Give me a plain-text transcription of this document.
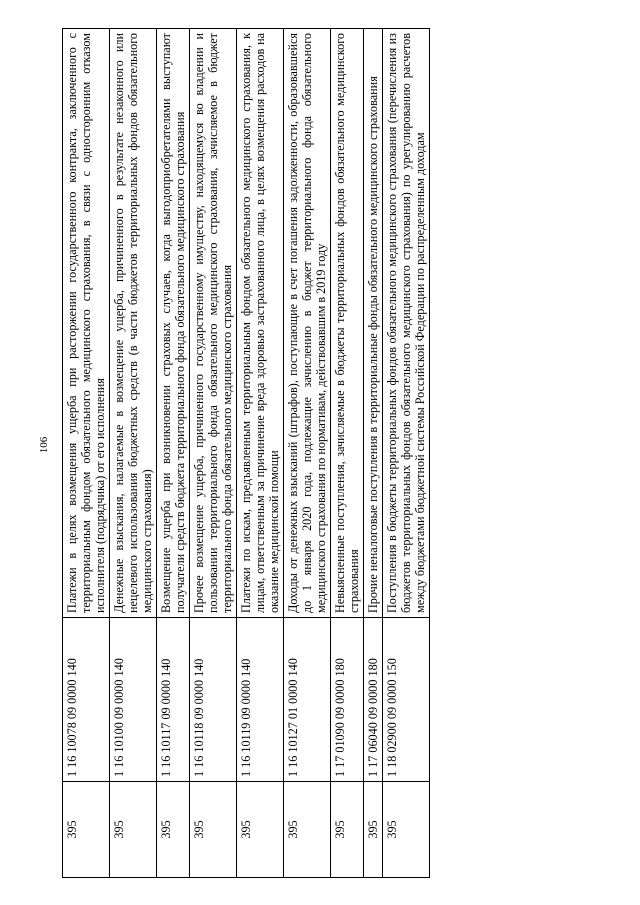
106
395	1 16 10078 09 0000 140	Платежи в целях возмещения ущерба при расторжении государственного контракта, заключенного с территориальным фондом обязательного медицинского страхования, в связи с односторонним отказом исполнителя (подрядчика) от его исполнения
395	1 16 10100 09 0000 140	Денежные взыскания, налагаемые в возмещение ущерба, причиненного в результате незаконного или нецелевого использования бюджетных средств (в части бюджетов территориальных фондов обязательного медицинского страхования)
395	1 16 10117 09 0000 140	Возмещение ущерба при возникновении страховых случаев, когда выгодоприобретателями выступают получатели средств бюджета территориального фонда обязательного медицинского страхования
395	1 16 10118 09 0000 140	Прочее возмещение ущерба, причиненного государственному имуществу, находящемуся во владении и пользовании территориального фонда обязательного медицинского страхования, зачисляемое в бюджет территориального фонда обязательного медицинского страхования
395	1 16 10119 09 0000 140	Платежи по искам, предъявленным территориальным фондом обязательного медицинского страхования, к лицам, ответственным за причинение вреда здоровью застрахованного лица, в целях возмещения расходов на оказание медицинской помощи
395	1 16 10127 01 0000 140	Доходы от денежных взысканий (штрафов), поступающие в счет погашения задолженности, образовавшейся до 1 января 2020 года, подлежащие зачислению в бюджет территориального фонда обязательного медицинского страхования по нормативам, действовавшим в 2019 году
395	1 17 01090 09 0000 180	Невыясненные поступления, зачисляемые в бюджеты территориальных фондов обязательного медицинского страхования
395	1 17 06040 09 0000 180	Прочие неналоговые поступления в территориальные фонды обязательного медицинского страхования
395	1 18 02900 09 0000 150	Поступления в бюджеты территориальных фондов обязательного медицинского страхования (перечисления из бюджетов территориальных фондов обязательного медицинского страхования) по урегулированию расчетов между бюджетами бюджетной системы Российской Федерации по распределенным доходам
